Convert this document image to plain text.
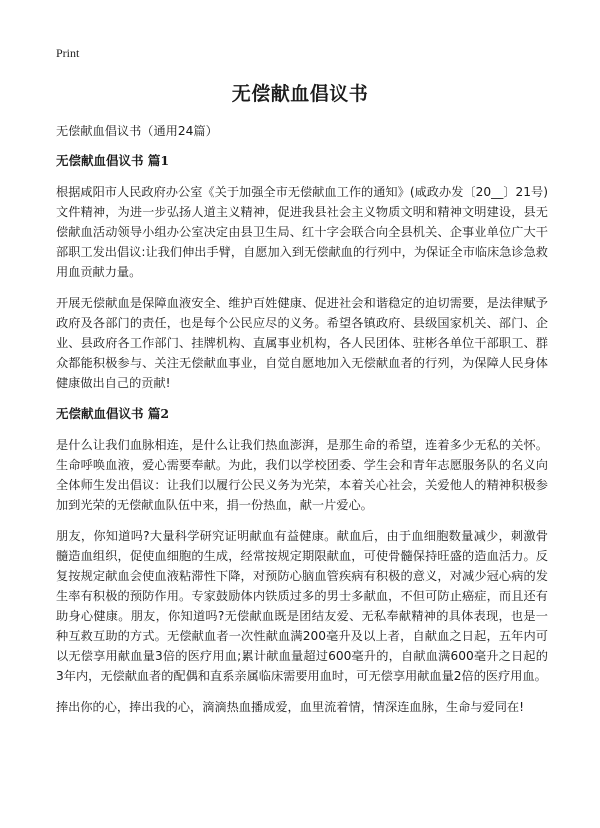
Print
无偿献血倡议书

无偿献血倡议书（通用24篇）

无偿献血倡议书 篇1

根据咸阳市人民政府办公室《关于加强全市无偿献血工作的通知》(咸政办发〔20__〕21号)文件精神，为进一步弘扬人道主义精神，促进我县社会主义物质文明和精神文明建设，县无偿献血活动领导小组办公室决定由县卫生局、红十字会联合向全县机关、企事业单位广大干部职工发出倡议:让我们伸出手臂，自愿加入到无偿献血的行列中，为保证全市临床急诊急救用血贡献力量。

开展无偿献血是保障血液安全、维护百姓健康、促进社会和谐稳定的迫切需要，是法律赋予政府及各部门的责任，也是每个公民应尽的义务。希望各镇政府、县级国家机关、部门、企业、县政府各工作部门、挂牌机构、直属事业机构，各人民团体、驻彬各单位干部职工、群众都能积极参与、关注无偿献血事业，自觉自愿地加入无偿献血者的行列，为保障人民身体健康做出自己的贡献!

无偿献血倡议书 篇2

是什么让我们血脉相连，是什么让我们热血澎湃，是那生命的希望，连着多少无私的关怀。生命呼唤血液，爱心需要奉献。为此，我们以学校团委、学生会和青年志愿服务队的名义向全体师生发出倡议：让我们以履行公民义务为光荣，本着关心社会，关爱他人的精神积极参加到光荣的无偿献血队伍中来，捐一份热血，献一片爱心。

朋友，你知道吗?大量科学研究证明献血有益健康。献血后，由于血细胞数量减少，刺激骨髓造血组织，促使血细胞的生成，经常按规定期限献血，可使骨髓保持旺盛的造血活力。反复按规定献血会使血液粘滞性下降，对预防心脑血管疾病有积极的意义，对减少冠心病的发生率有积极的预防作用。专家鼓励体内铁质过多的男士多献血，不但可防止癌症，而且还有助身心健康。朋友，你知道吗?无偿献血既是团结友爱、无私奉献精神的具体表现，也是一种互救互助的方式。无偿献血者一次性献血满200毫升及以上者，自献血之日起，五年内可以无偿享用献血量3倍的医疗用血;累计献血量超过600毫升的，自献血满600毫升之日起的3年内，无偿献血者的配偶和直系亲属临床需要用血时，可无偿享用献血量2倍的医疗用血。

捧出你的心，捧出我的心，滴滴热血播成爱，血里流着情，情深连血脉，生命与爱同在!
